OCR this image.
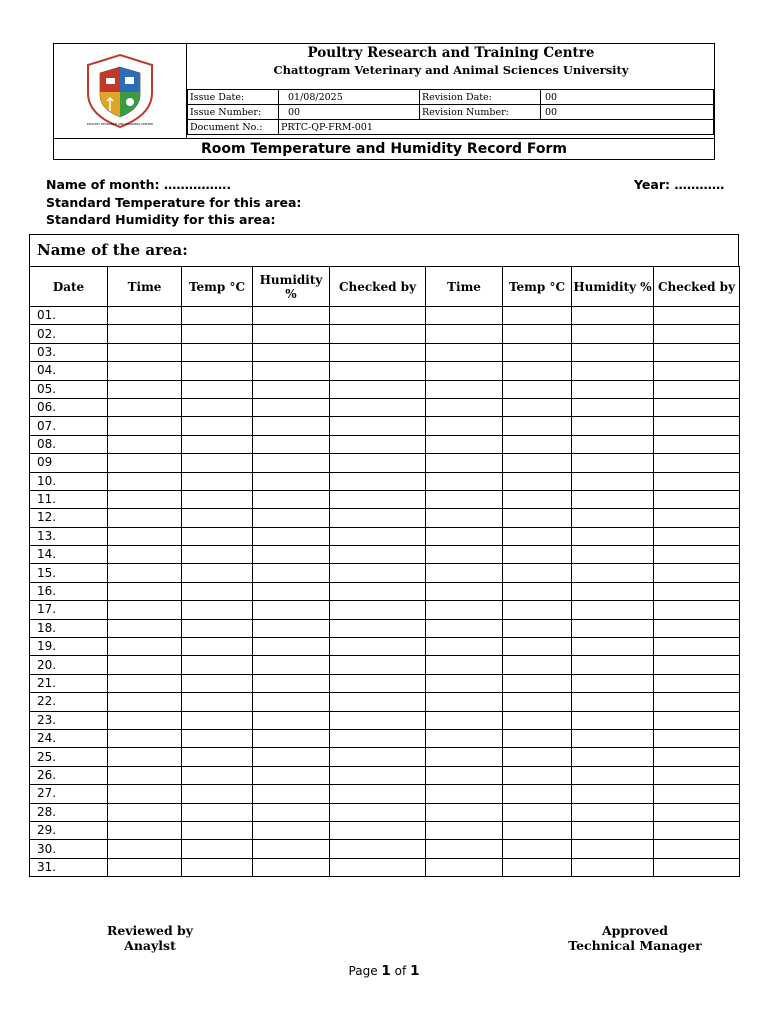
POULTRY RESEARCH AND TRAINING CENTRE
Poultry Research and Training Centre
Chattogram Veterinary and Animal Sciences University
Issue Date:	01/08/2025	Revision Date:	00
Issue Number:	00	Revision Number:	00
Document No.:	PRTC-QP-FRM-001		
Room Temperature and Humidity Record Form
Name of month: …………….	Year: …………
Standard Temperature for this area:
Standard Humidity for this area:
Name of the area:
Date	Time	Temp °C	Humidity %	Checked by	Time	Temp °C	Humidity %	Checked by
01.								
02.								
03.								
04.								
05.								
06.								
07.								
08.								
09								
10.								
11.								
12.								
13.								
14.								
15.								
16.								
17.								
18.								
19.								
20.								
21.								
22.								
23.								
24.								
25.								
26.								
27.								
28.								
29.								
30.								
31.								
Reviewed by
Anaylst
Approved
Technical Manager
Page 1 of 1
